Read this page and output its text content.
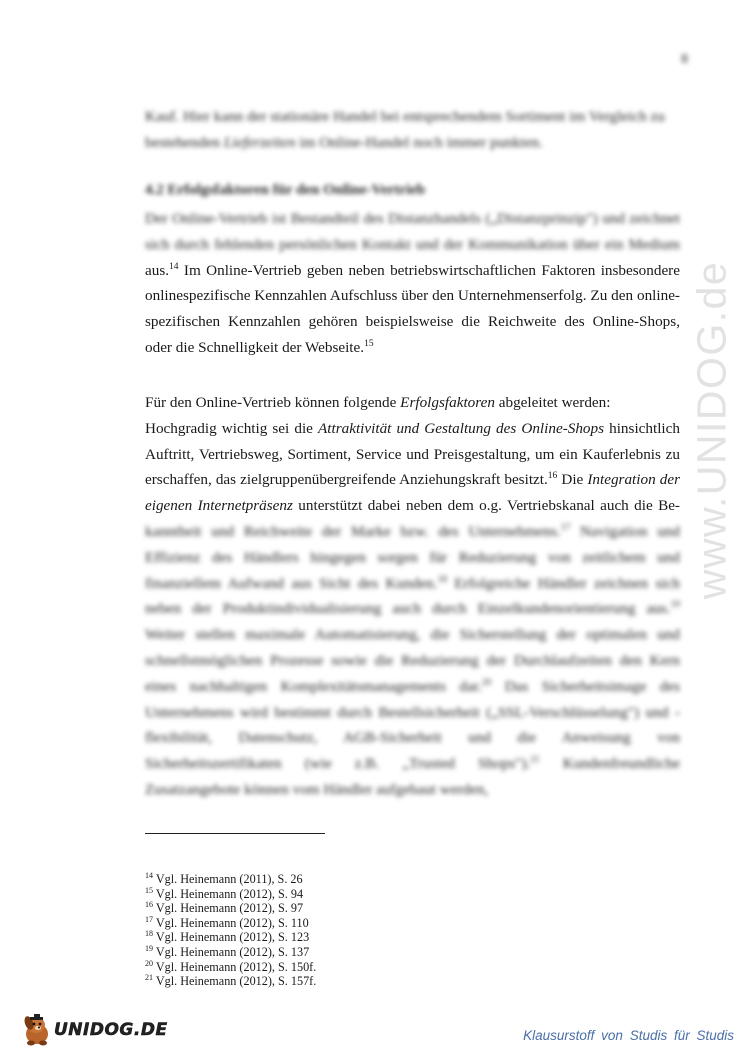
8
Kauf. Hier kann der stationäre Handel bei entsprechendem Sortiment im Vergleich zu
bestehenden Lieferzeiten im Online-Handel noch immer punkten.
4.2 Erfolgsfaktoren für den Online-Vertrieb
Der Online-Vertrieb ist Bestandteil des Distanzhandels („Distanzprinzip") und zeichnet sich durch fehlenden persönlichen Kontakt und der Kommunikation über ein Medium aus.$^{14}$ Im Online-Vertrieb geben neben betriebswirtschaftlichen Faktoren insbesondere onlinespezifische Kennzahlen Aufschluss über den Unternehmenserfolg. Zu den online-spezifischen Kennzahlen gehören beispielsweise die Reichweite des Online-Shops, oder die Schnelligkeit der Webseite.$^{15}$
Für den Online-Vertrieb können folgende Erfolgsfaktoren abgeleitet werden:
Hochgradig wichtig sei die Attraktivität und Gestaltung des Online-Shops hinsichtlich Auftritt, Vertriebsweg, Sortiment, Service und Preisgestaltung, um ein Kauferlebnis zu erschaffen, das zielgruppenübergreifende Anziehungskraft besitzt.$^{16}$ Die Integration der eigenen Internetpräsenz unterstützt dabei neben dem o.g. Vertriebskanal auch die Be- kanntheit und Reichweite der Marke bzw. des Unternehmens.$^{17}$ Navigation und Effizienz des Händlers hingegen sorgen für Reduzierung von zeitlichem und finanziellem Aufwand aus Sicht des Kunden.$^{18}$ Erfolgreiche Händler zeichnen sich neben der Produktindividualisierung auch durch Einzelkundenorientierung aus.$^{19}$ Weiter stellen maximale Automatisierung, die Sicherstellung der optimalen und schnellstmöglichen Prozesse sowie die Reduzierung der Durchlaufzeiten den Kern eines nachhaltigen Komplexitätsmanagements dar.$^{20}$ Das Sicherheitsimage des Unternehmens wird bestimmt durch Bestellsicherheit („SSL-Verschlüsselung") und -flexibilität, Datenschutz, AGB-Sicherheit und die Anweisung von Sicherheitszertifikaten (wie z.B. „Trusted Shops").$^{21}$ Kundenfreundliche Zusatzangebote können vom Händler aufgebaut werden,
$^{14}$ Vgl. Heinemann (2011), S. 26
$^{15}$ Vgl. Heinemann (2012), S. 94
$^{16}$ Vgl. Heinemann (2012), S. 97
$^{17}$ Vgl. Heinemann (2012), S. 110
$^{18}$ Vgl. Heinemann (2012), S. 123
$^{19}$ Vgl. Heinemann (2012), S. 137
$^{20}$ Vgl. Heinemann (2012), S. 150f.
$^{21}$ Vgl. Heinemann (2012), S. 157f.
www.UNIDOG.de
UNIDOG.DE	Klausurstoff von Studis für Studis
